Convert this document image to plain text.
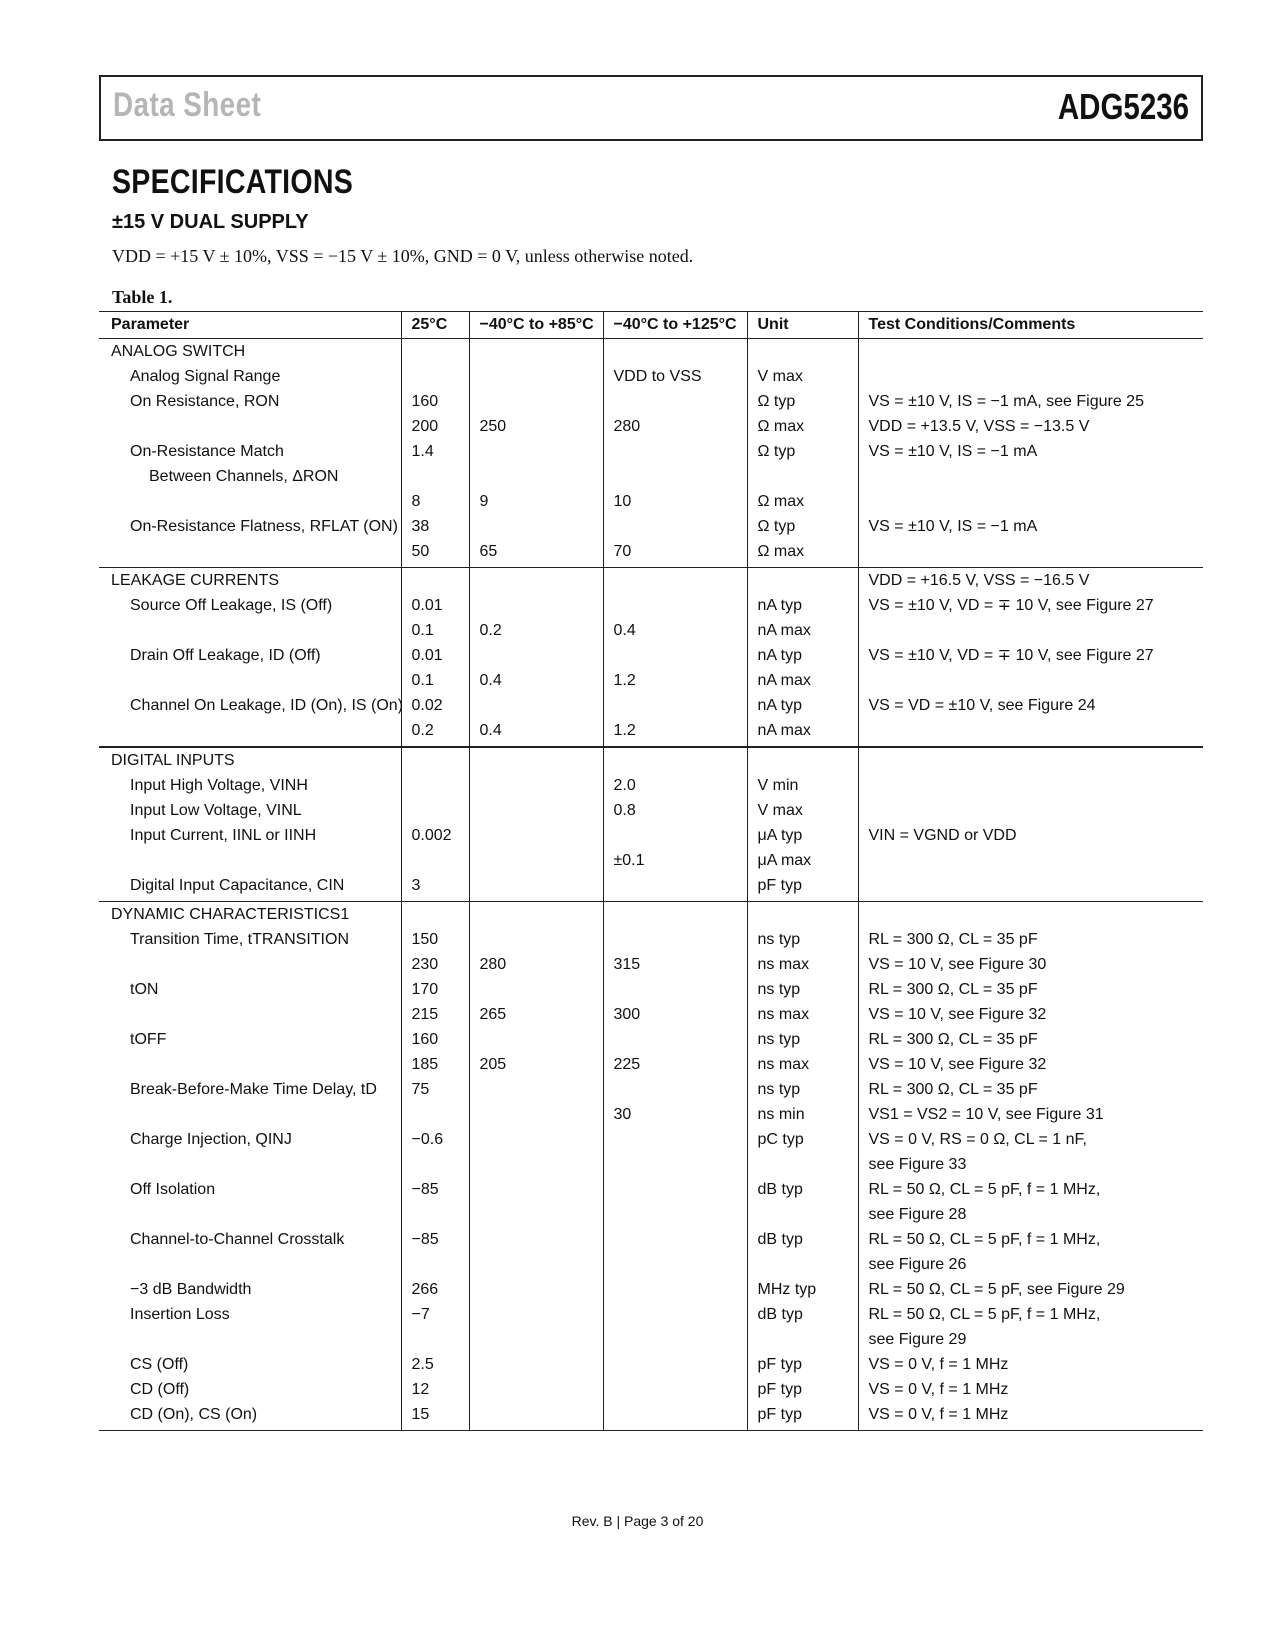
Data Sheet	ADG5236
SPECIFICATIONS
±15 V DUAL SUPPLY
VDD = +15 V ± 10%, VSS = −15 V ± 10%, GND = 0 V, unless otherwise noted.
Table 1.
Parameter	25°C	−40°C to +85°C	−40°C to +125°C	Unit	Test Conditions/Comments
ANALOG SWITCH					
Analog Signal Range			VDD to VSS	V max	
On Resistance, RON	160			Ω typ	VS = ±10 V, IS = −1 mA, see Figure 25
	200	250	280	Ω max	VDD = +13.5 V, VSS = −13.5 V
On-Resistance Match	1.4			Ω typ	VS = ±10 V, IS = −1 mA
Between Channels, ΔRON					
	8	9	10	Ω max	
On-Resistance Flatness, RFLAT (ON)	38			Ω typ	VS = ±10 V, IS = −1 mA
	50	65	70	Ω max	
LEAKAGE CURRENTS					VDD = +16.5 V, VSS = −16.5 V
Source Off Leakage, IS (Off)	0.01			nA typ	VS = ±10 V, VD = ∓ 10 V, see Figure 27
	0.1	0.2	0.4	nA max	
Drain Off Leakage, ID (Off)	0.01			nA typ	VS = ±10 V, VD = ∓ 10 V, see Figure 27
	0.1	0.4	1.2	nA max	
Channel On Leakage, ID (On), IS (On)	0.02			nA typ	VS = VD = ±10 V, see Figure 24
	0.2	0.4	1.2	nA max	
DIGITAL INPUTS					
Input High Voltage, VINH			2.0	V min	
Input Low Voltage, VINL			0.8	V max	
Input Current, IINL or IINH	0.002			μA typ	VIN = VGND or VDD
			±0.1	μA max	
Digital Input Capacitance, CIN	3			pF typ	
DYNAMIC CHARACTERISTICS1					
Transition Time, tTRANSITION	150			ns typ	RL = 300 Ω, CL = 35 pF
	230	280	315	ns max	VS = 10 V, see Figure 30
tON	170			ns typ	RL = 300 Ω, CL = 35 pF
	215	265	300	ns max	VS = 10 V, see Figure 32
tOFF	160			ns typ	RL = 300 Ω, CL = 35 pF
	185	205	225	ns max	VS = 10 V, see Figure 32
Break-Before-Make Time Delay, tD	75			ns typ	RL = 300 Ω, CL = 35 pF
			30	ns min	VS1 = VS2 = 10 V, see Figure 31
Charge Injection, QINJ	−0.6			pC typ	VS = 0 V, RS = 0 Ω, CL = 1 nF,
					see Figure 33
Off Isolation	−85			dB typ	RL = 50 Ω, CL = 5 pF, f = 1 MHz,
					see Figure 28
Channel-to-Channel Crosstalk	−85			dB typ	RL = 50 Ω, CL = 5 pF, f = 1 MHz,
					see Figure 26
−3 dB Bandwidth	266			MHz typ	RL = 50 Ω, CL = 5 pF, see Figure 29
Insertion Loss	−7			dB typ	RL = 50 Ω, CL = 5 pF, f = 1 MHz,
					see Figure 29
CS (Off)	2.5			pF typ	VS = 0 V, f = 1 MHz
CD (Off)	12			pF typ	VS = 0 V, f = 1 MHz
CD (On), CS (On)	15			pF typ	VS = 0 V, f = 1 MHz
Rev. B | Page 3 of 20
